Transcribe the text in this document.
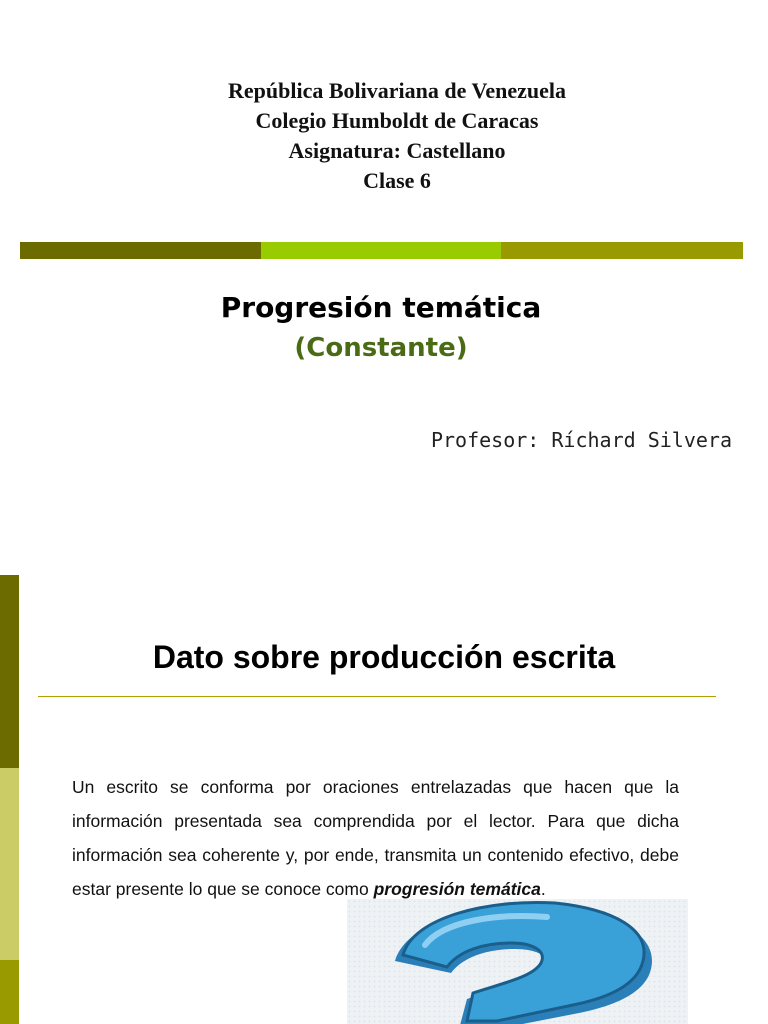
República Bolivariana de Venezuela
Colegio Humboldt de Caracas
Asignatura: Castellano
Clase 6
Progresión temática
(Constante)
Profesor: Ríchard Silvera
Dato sobre producción escrita

Un escrito se conforma por oraciones entrelazadas que hacen que la información presentada sea comprendida por el lector. Para que dicha información sea coherente y, por ende, transmita un contenido efectivo, debe estar presente lo que se conoce como progresión temática.
